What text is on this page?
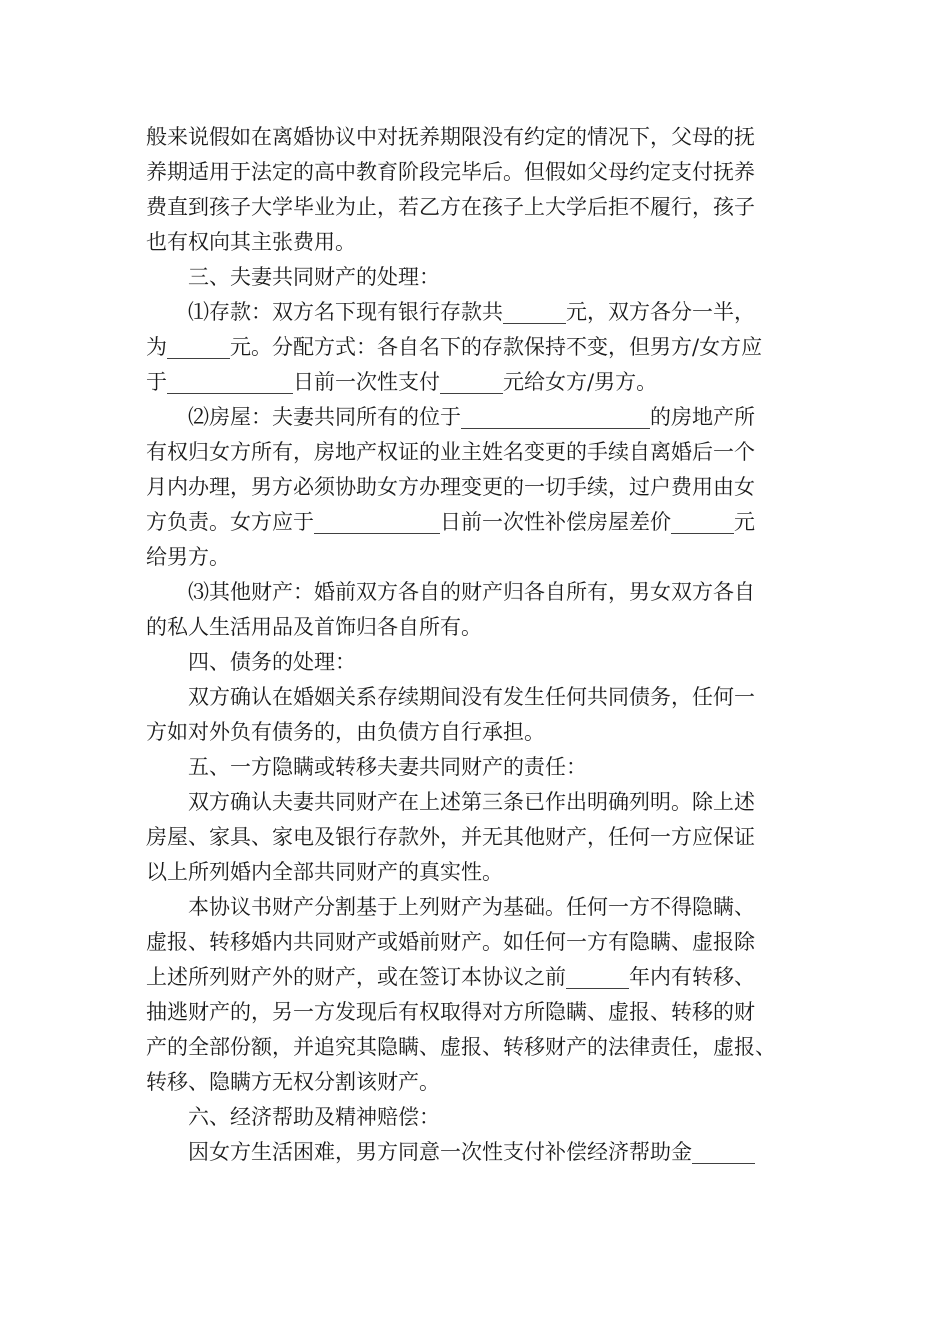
般来说假如在离婚协议中对抚养期限没有约定的情况下，父母的抚

养期适用于法定的高中教育阶段完毕后。但假如父母约定支付抚养

费直到孩子大学毕业为止，若乙方在孩子上大学后拒不履行，孩子

也有权向其主张费用。

三、夫妻共同财产的处理：

⑴存款：双方名下现有银行存款共______元，双方各分一半，

为______元。分配方式：各自名下的存款保持不变，但男方/女方应

于____________日前一次性支付______元给女方/男方。

⑵房屋：夫妻共同所有的位于__________________的房地产所

有权归女方所有，房地产权证的业主姓名变更的手续自离婚后一个

月内办理，男方必须协助女方办理变更的一切手续，过户费用由女

方负责。女方应于____________日前一次性补偿房屋差价______元

给男方。

⑶其他财产：婚前双方各自的财产归各自所有，男女双方各自

的私人生活用品及首饰归各自所有。

四、债务的处理：

双方确认在婚姻关系存续期间没有发生任何共同债务，任何一

方如对外负有债务的，由负债方自行承担。

五、一方隐瞒或转移夫妻共同财产的责任：

双方确认夫妻共同财产在上述第三条已作出明确列明。除上述

房屋、家具、家电及银行存款外，并无其他财产，任何一方应保证

以上所列婚内全部共同财产的真实性。

本协议书财产分割基于上列财产为基础。任何一方不得隐瞒、

虚报、转移婚内共同财产或婚前财产。如任何一方有隐瞒、虚报除

上述所列财产外的财产，或在签订本协议之前______年内有转移、

抽逃财产的，另一方发现后有权取得对方所隐瞒、虚报、转移的财

产的全部份额，并追究其隐瞒、虚报、转移财产的法律责任，虚报、

转移、隐瞒方无权分割该财产。

六、经济帮助及精神赔偿：

因女方生活困难，男方同意一次性支付补偿经济帮助金______
